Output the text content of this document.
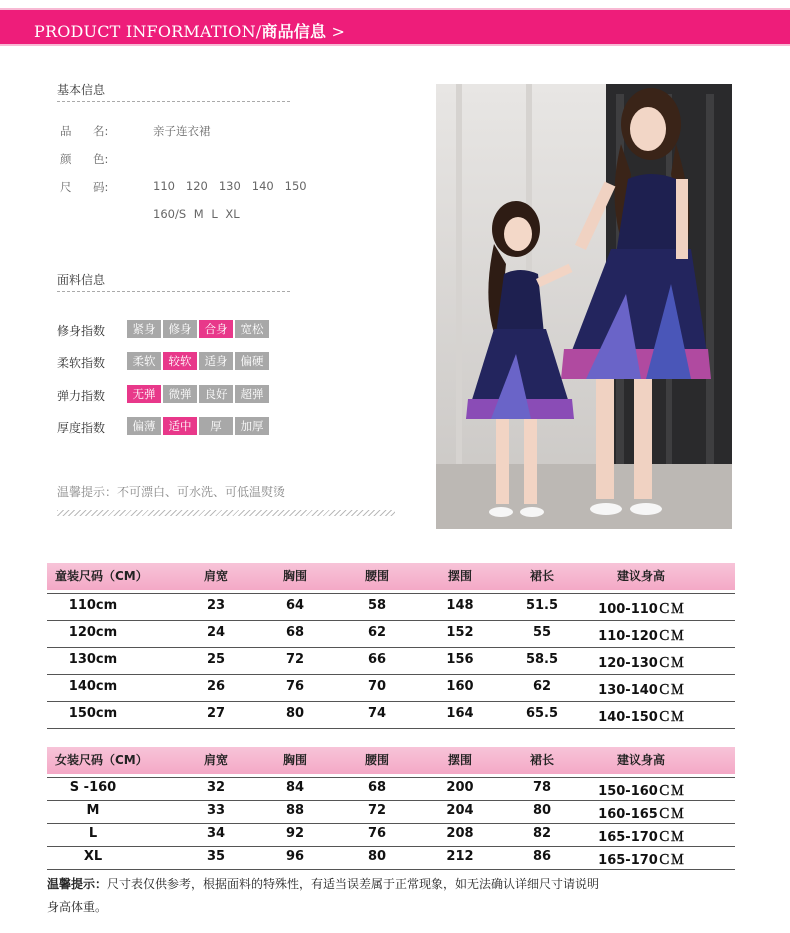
PRODUCT INFORMATION/商品信息 >
基本信息
品 名:	亲子连衣裙
颜 色:
尺 码:	110   120   130   140   150
160/S M L XL
面料信息
修身指数	紧身	修身	合身	宽松
柔软指数	柔软	较软	适身	偏硬
弹力指数	无弹	微弹	良好	超弹
厚度指数	偏薄	适中	厚	加厚
温馨提示：不可漂白、可水洗、可低温熨烫
童装尺码（CM）	肩宽	胸围	腰围	摆围	裙长	建议身高
110cm	23	64	58	148	51.5	100-110ＣＭ
120cm	24	68	62	152	55	110-120ＣＭ
130cm	25	72	66	156	58.5	120-130ＣＭ
140cm	26	76	70	160	62	130-140ＣＭ
150cm	27	80	74	164	65.5	140-150ＣＭ
女装尺码（CM）	肩宽	胸围	腰围	摆围	裙长	建议身高
S -160	32	84	68	200	78	150-160ＣＭ
M	33	88	72	204	80	160-165ＣＭ
L	34	92	76	208	82	165-170ＣＭ
XL	35	96	80	212	86	165-170ＣＭ
温馨提示：尺寸表仅供参考，根据面料的特殊性，有适当误差属于正常现象，如无法确认详细尺寸请说明身高体重。
